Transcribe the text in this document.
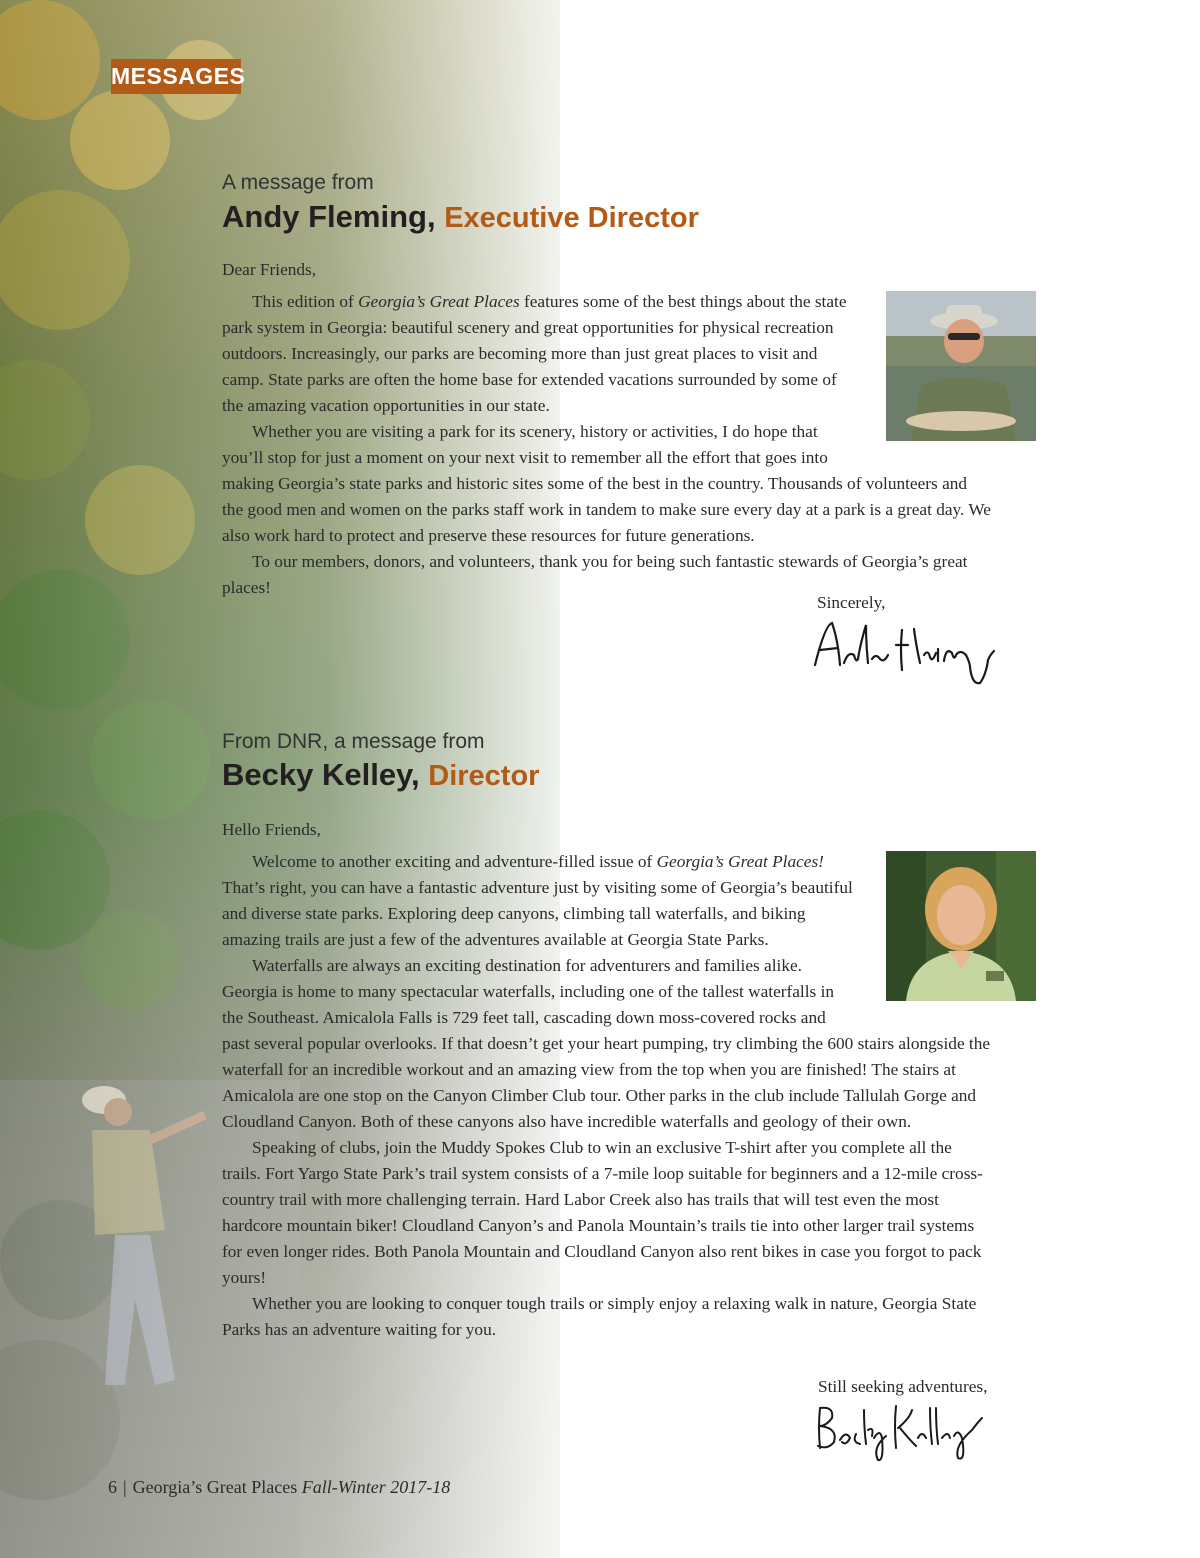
MESSAGES
A message from
Andy Fleming, Executive Director

Dear Friends,

This edition of Georgia’s Great Places features some of the best things about the state park system in Georgia: beautiful scenery and great opportunities for physical recreation outdoors. Increasingly, our parks are becoming more than just great places to visit and camp. State parks are often the home base for extended vacations surrounded by some of the amazing vacation opportunities in our state.

Whether you are visiting a park for its scenery, history or activities, I do hope that you’ll stop for just a moment on your next visit to remember all the effort that goes into making Georgia’s state parks and historic sites some of the best in the country. Thousands of volunteers and the good men and women on the parks staff work in tandem to make sure every day at a park is a great day. We also work hard to protect and preserve these resources for future generations.

To our members, donors, and volunteers, thank you for being such fantastic stewards of Georgia’s great places!

Sincerely,
From DNR, a message from
Becky Kelley, Director

Hello Friends,

Welcome to another exciting and adventure-filled issue of Georgia’s Great Places! That’s right, you can have a fantastic adventure just by visiting some of Georgia’s beautiful and diverse state parks. Exploring deep canyons, climbing tall waterfalls, and biking amazing trails are just a few of the adventures available at Georgia State Parks.

Waterfalls are always an exciting destination for adventurers and families alike. Georgia is home to many spectacular waterfalls, including one of the tallest waterfalls in the Southeast. Amicalola Falls is 729 feet tall, cascading down moss-covered rocks and past several popular overlooks. If that doesn’t get your heart pumping, try climbing the 600 stairs alongside the waterfall for an incredible workout and an amazing view from the top when you are finished! The stairs at Amicalola are one stop on the Canyon Climber Club tour. Other parks in the club include Tallulah Gorge and Cloudland Canyon. Both of these canyons also have incredible waterfalls and geology of their own.

Speaking of clubs, join the Muddy Spokes Club to win an exclusive T-shirt after you complete all the trails. Fort Yargo State Park’s trail system consists of a 7-mile loop suitable for beginners and a 12-mile cross-country trail with more challenging terrain. Hard Labor Creek also has trails that will test even the most hardcore mountain biker! Cloudland Canyon’s and Panola Mountain’s trails tie into other larger trail systems for even longer rides. Both Panola Mountain and Cloudland Canyon also rent bikes in case you forgot to pack yours!

Whether you are looking to conquer tough trails or simply enjoy a relaxing walk in nature, Georgia State Parks has an adventure waiting for you.

Still seeking adventures,
6 | Georgia’s Great Places Fall-Winter 2017-18
